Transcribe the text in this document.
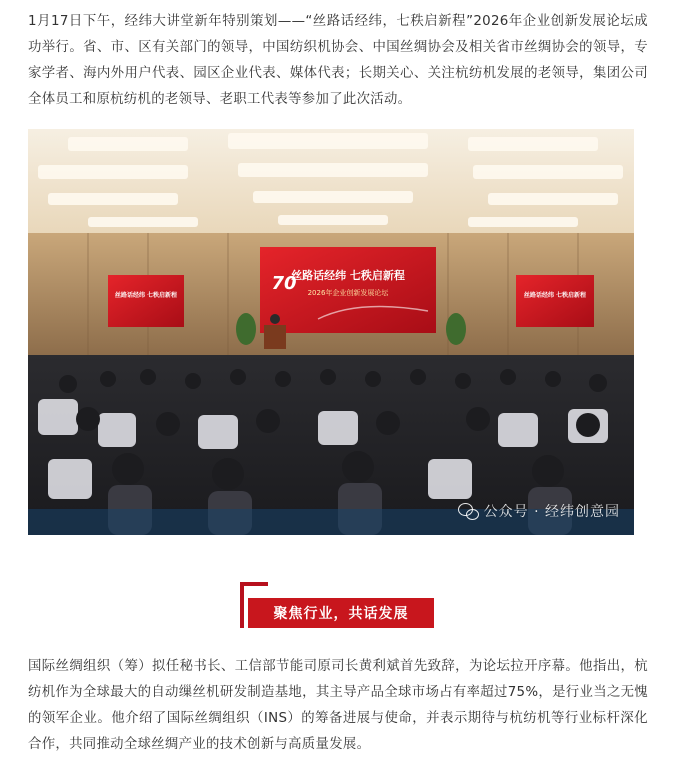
1月17日下午，经纬大讲堂新年特别策划——“丝路话经纬，七秩启新程”2026年企业创新发展论坛成功举行。省、市、区有关部门的领导，中国纺织机协会、中国丝绸协会及相关省市丝绸协会的领导，专家学者、海内外用户代表、园区企业代表、媒体代表；长期关心、关注杭纺机发展的老领导，集团公司全体员工和原杭纺机的老领导、老职工代表等参加了此次活动。

丝路话经纬 七秩启新程
2026年企业创新发展论坛
70
丝路话经纬 七秩启新程	丝路话经纬 七秩启新程
公众号 · 经纬创意园
聚焦行业，共话发展

国际丝绸组织（筹）拟任秘书长、工信部节能司原司长黄利斌首先致辞，为论坛拉开序幕。他指出，杭纺机作为全球最大的自动缫丝机研发制造基地，其主导产品全球市场占有率超过75%，是行业当之无愧的领军企业。他介绍了国际丝绸组织（INS）的筹备进展与使命，并表示期待与杭纺机等行业标杆深化合作，共同推动全球丝绸产业的技术创新与高质量发展。
